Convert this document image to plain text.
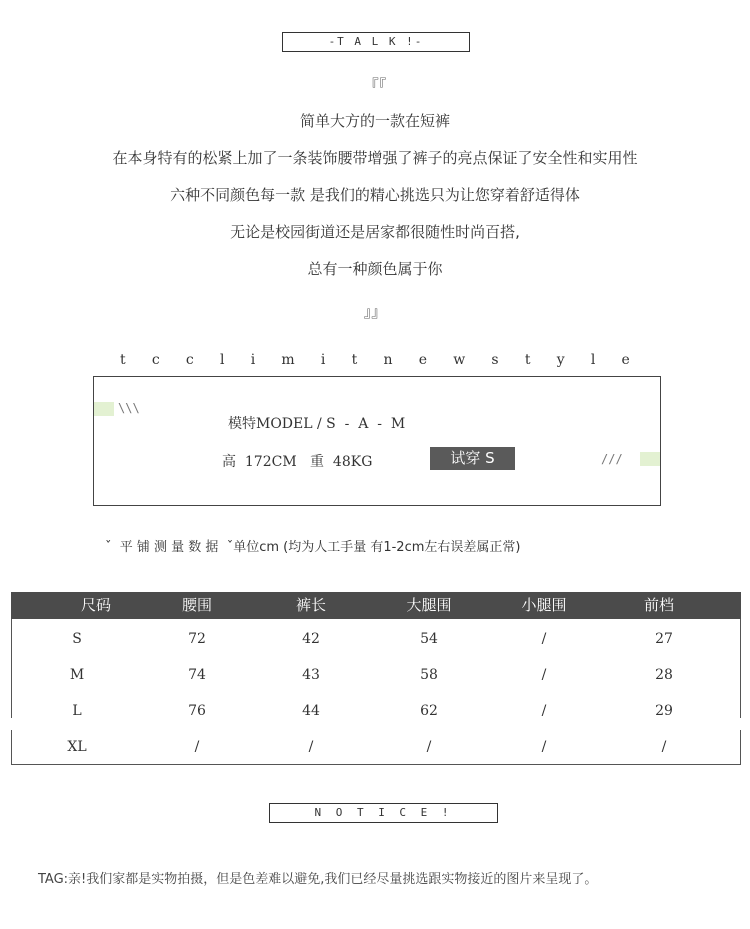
-T A L K !-
『『
简单大方的一款在短裤
在本身特有的松紧上加了一条装饰腰带增强了裤子的亮点保证了安全性和实用性
六种不同颜色每一款 是我们的精心挑选只为让您穿着舒适得体
无论是校园街道还是居家都很随性时尚百搭,
总有一种颜色属于你
』』
t c c l i m i t n e w s t y l e
\\\
模特MODEL / S  -  A  -  M
高  172CM   重  48KG	试穿 S	///
ˇ  平 铺 测 量 数 据  ˇ单位cm (均为人工手量 有1-2cm左右误差属正常)
尺码	腰围	裤长	大腿围	小腿围	前档
S	72	42	54	/	27
M	74	43	58	/	28
L	76	44	62	/	29
XL	/	/	/	/	/
N O T I C E !
TAG:亲!我们家都是实物拍摄，但是色差难以避免,我们已经尽量挑选跟实物接近的图片来呈现了。
